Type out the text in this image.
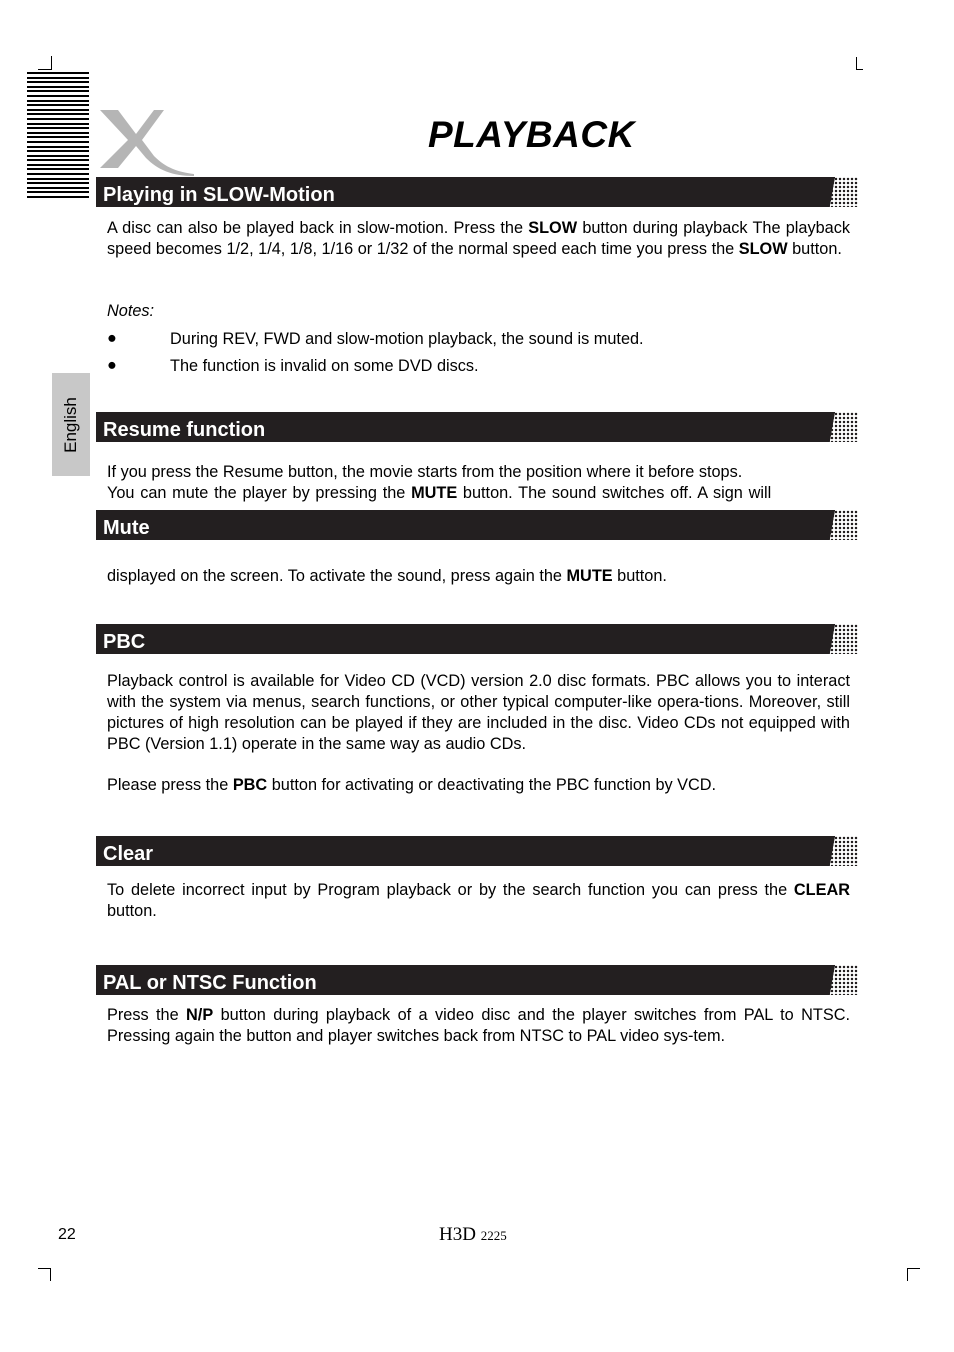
PLAYBACK
English
Playing in SLOW-Motion

A disc can also be played back in slow-motion. Press the SLOW button during playback The playback speed becomes 1/2, 1/4, 1/8, 1/16 or 1/32 of the normal speed each time you press the SLOW button.

Notes:
●	During REV, FWD and slow-motion playback, the sound is muted.
●	The function is invalid on some DVD discs.
Resume function

If you press the Resume button, the movie starts from the position where it before stops.

You can mute the player by pressing the MUTE button. The sound switches off. A sign will

Mute

displayed on the screen. To activate the sound, press again the MUTE button.

PBC

Playback control is available for Video CD (VCD) version 2.0 disc formats. PBC allows you to interact with the system via menus, search functions, or other typical computer-like opera-tions. Moreover, still pictures of high resolution can be played if they are included in the disc. Video CDs not equipped with PBC (Version 1.1) operate in the same way as audio CDs.

Please press the PBC button for activating or deactivating the PBC function by VCD.

Clear

To delete incorrect input by Program playback or by the search function you can press the CLEAR button.

PAL or NTSC Function

Press the N/P button during playback of a video disc and the player switches from PAL to NTSC. Pressing again the button and player switches back from NTSC to PAL video sys-tem.

22	H3D 2225
